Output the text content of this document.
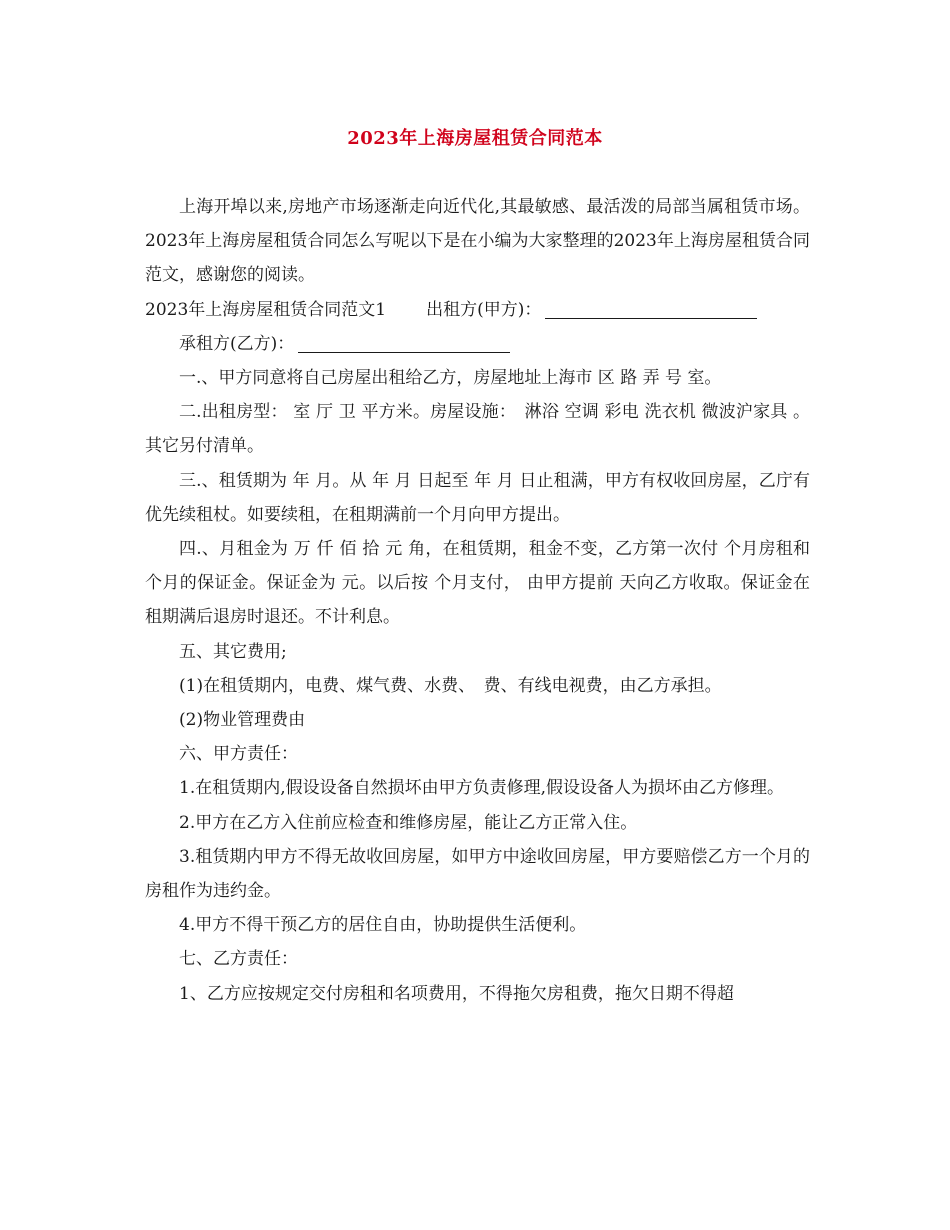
2023年上海房屋租赁合同范本

上海开埠以来,房地产市场逐渐走向近代化,其最敏感、最活泼的局部当属租赁市场。2023年上海房屋租赁合同怎么写呢以下是在小编为大家整理的2023年上海房屋租赁合同范文，感谢您的阅读。

2023年上海房屋租赁合同范文1 出租方(甲方)：

承租方(乙方)：

一.、甲方同意将自己房屋出租给乙方，房屋地址上海市 区 路 弄 号 室。

二.出租房型： 室 厅 卫 平方米。房屋设施：　淋浴 空调 彩电 洗衣机 微波沪家具 。其它另付清单。

三.、租赁期为 年 月。从 年 月 日起至 年 月 日止租满，甲方有权收回房屋，乙庁有优先续租杖。如要续租，在租期满前一个月向甲方提出。

四.、月租金为 万 仟 佰 拾 元 角，在租赁期，租金不变，乙方第一次付 个月房租和 个月的保证金。保证金为 元。以后按 个月支付， 由甲方提前 天向乙方收取。保证金在租期满后退房时退还。不计利息。

五、其它费用;

(1)在租赁期内，电费、煤气费、水费、　费、有线电视费，由乙方承担。

(2)物业管理费由

六、甲方责任：

1.在租赁期内,假设设备自然损坏由甲方负责修理,假设设备人为损坏由乙方修理。

2.甲方在乙方入住前应检查和维修房屋，能让乙方正常入住。

3.租赁期内甲方不得无故收回房屋，如甲方中途收回房屋，甲方要赔偿乙方一个月的房租作为违约金。

4.甲方不得干预乙方的居住自由，协助提供生活便利。

七、乙方责任：

1、乙方应按规定交付房租和名项费用，不得拖欠房租费，拖欠日期不得超
